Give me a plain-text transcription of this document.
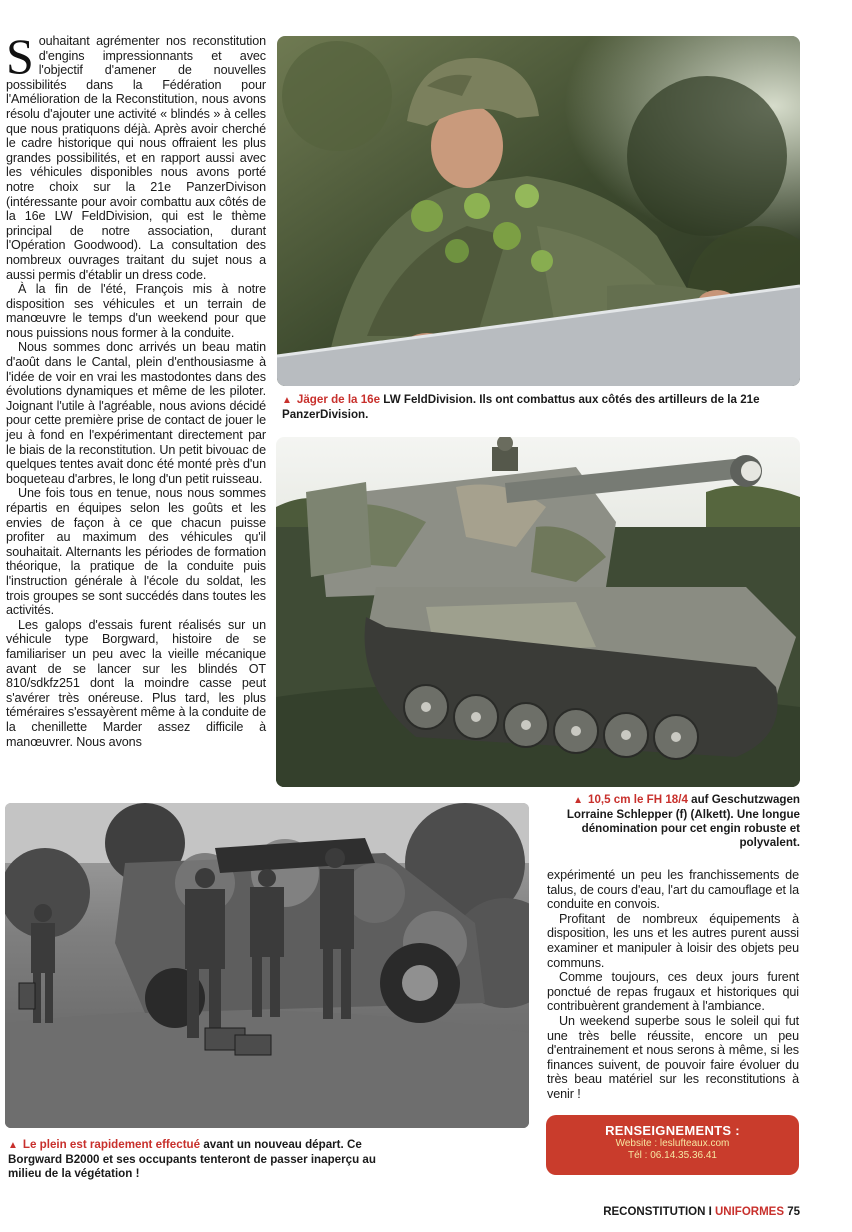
S ouhaitant agrémenter nos reconstitution d'engins impressionnants et avec l'objectif d'amener de nouvelles possibilités dans la Fédération pour l'Amélioration de la Reconstitution, nous avons résolu d'ajouter une activité « blindés » à celles que nous pratiquons déjà. Après avoir cherché le cadre historique qui nous offraient les plus grandes possibilités, et en rapport aussi avec les véhicules disponibles nous avons porté notre choix sur la 21e PanzerDivison (intéressante pour avoir combattu aux côtés de la 16e LW FeldDivision, qui est le thème principal de notre association, durant l'Opération Goodwood). La consultation des nombreux ouvrages traitant du sujet nous a aussi permis d'établir un dress code.

À la fin de l'été, François mis à notre disposition ses véhicules et un terrain de manœuvre le temps d'un weekend pour que nous puissions nous former à la conduite.

Nous sommes donc arrivés un beau matin d'août dans le Cantal, plein d'enthousiasme à l'idée de voir en vrai les mastodontes dans des évolutions dynamiques et même de les piloter. Joignant l'utile à l'agréable, nous avions décidé pour cette première prise de contact de jouer le jeu à fond en l'expérimentant directement par le biais de la reconstitution. Un petit bivouac de quelques tentes avait donc été monté près d'un boqueteau d'arbres, le long d'un petit ruisseau.

Une fois tous en tenue, nous nous sommes répartis en équipes selon les goûts et les envies de façon à ce que chacun puisse profiter au maximum des véhicules qu'il souhaitait. Alternants les périodes de formation théorique, la pratique de la conduite puis l'instruction générale à l'école du soldat, les trois groupes se sont succédés dans toutes les activités.

Les galops d'essais furent réalisés sur un véhicule type Borgward, histoire de se familiariser un peu avec la vieille mécanique avant de se lancer sur les blindés OT 810/sdkfz251 dont la moindre casse peut s'avérer très onéreuse. Plus tard, les plus téméraires s'essayèrent même à la conduite de la chenillette Marder assez difficile à manœuvrer. Nous avons

▲ Jäger de la 16e LW FeldDivision. Ils ont combattus aux côtés des artilleurs de la 21e PanzerDivision.
▲ 10,5 cm le FH 18/4 auf Geschutzwagen Lorraine Schlepper (f) (Alkett). Une longue dénomination pour cet engin robuste et polyvalent.
▲ Le plein est rapidement effectué avant un nouveau départ. Ce Borgward B2000 et ses occupants tenteront de passer inaperçu au milieu de la végétation !

expérimenté un peu les franchissements de talus, de cours d'eau, l'art du camouflage et la conduite en convois.

Profitant de nombreux équipements à disposition, les uns et les autres purent aussi examiner et manipuler à loisir des objets peu communs.

Comme toujours, ces deux jours furent ponctué de repas frugaux et historiques qui contribuèrent grandement à l'ambiance.

Un weekend superbe sous le soleil qui fut une très belle réussite, encore un peu d'entrainement et nous serons à même, si les finances suivent, de pouvoir faire évoluer du très beau matériel sur les reconstitutions à venir !

RENSEIGNEMENTS :
Website : leslufteaux.com
Tél : 06.14.35.36.41
RECONSTITUTION I UNIFORMES 75
